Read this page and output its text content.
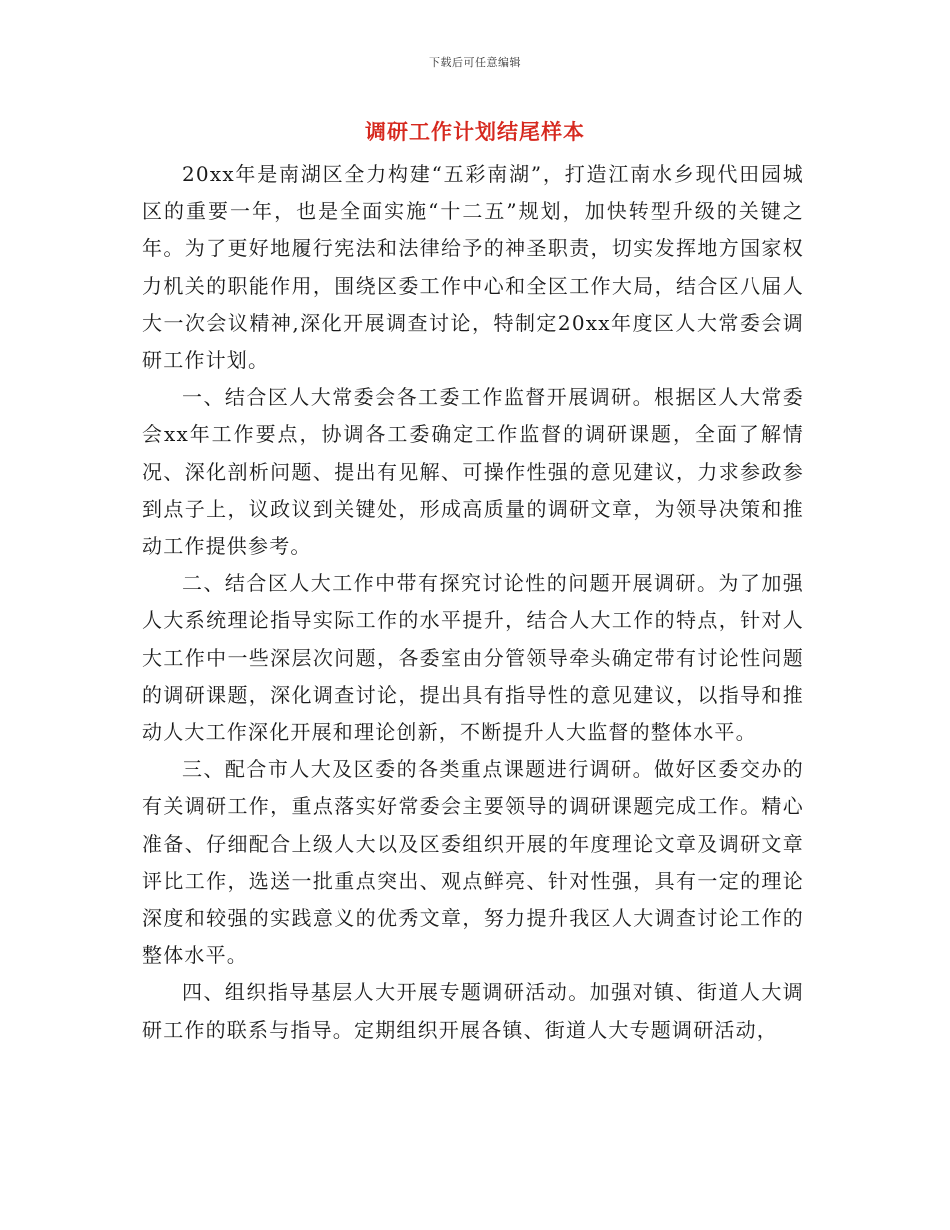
下载后可任意编辑
调研工作计划结尾样本

20xx年是南湖区全力构建“五彩南湖”，打造江南水乡现代田园城区的重要一年，也是全面实施“十二五”规划，加快转型升级的关键之年。为了更好地履行宪法和法律给予的神圣职责，切实发挥地方国家权力机关的职能作用，围绕区委工作中心和全区工作大局，结合区八届人大一次会议精神,深化开展调查讨论，特制定20xx年度区人大常委会调研工作计划。

一、结合区人大常委会各工委工作监督开展调研。根据区人大常委会xx年工作要点，协调各工委确定工作监督的调研课题，全面了解情况、深化剖析问题、提出有见解、可操作性强的意见建议，力求参政参到点子上，议政议到关键处，形成高质量的调研文章，为领导决策和推动工作提供参考。

二、结合区人大工作中带有探究讨论性的问题开展调研。为了加强人大系统理论指导实际工作的水平提升，结合人大工作的特点，针对人大工作中一些深层次问题，各委室由分管领导牵头确定带有讨论性问题的调研课题，深化调查讨论，提出具有指导性的意见建议，以指导和推动人大工作深化开展和理论创新，不断提升人大监督的整体水平。

三、配合市人大及区委的各类重点课题进行调研。做好区委交办的有关调研工作，重点落实好常委会主要领导的调研课题完成工作。精心准备、仔细配合上级人大以及区委组织开展的年度理论文章及调研文章评比工作，选送一批重点突出、观点鲜亮、针对性强，具有一定的理论深度和较强的实践意义的优秀文章，努力提升我区人大调查讨论工作的整体水平。

四、组织指导基层人大开展专题调研活动。加强对镇、街道人大调研工作的联系与指导。定期组织开展各镇、街道人大专题调研活动，
